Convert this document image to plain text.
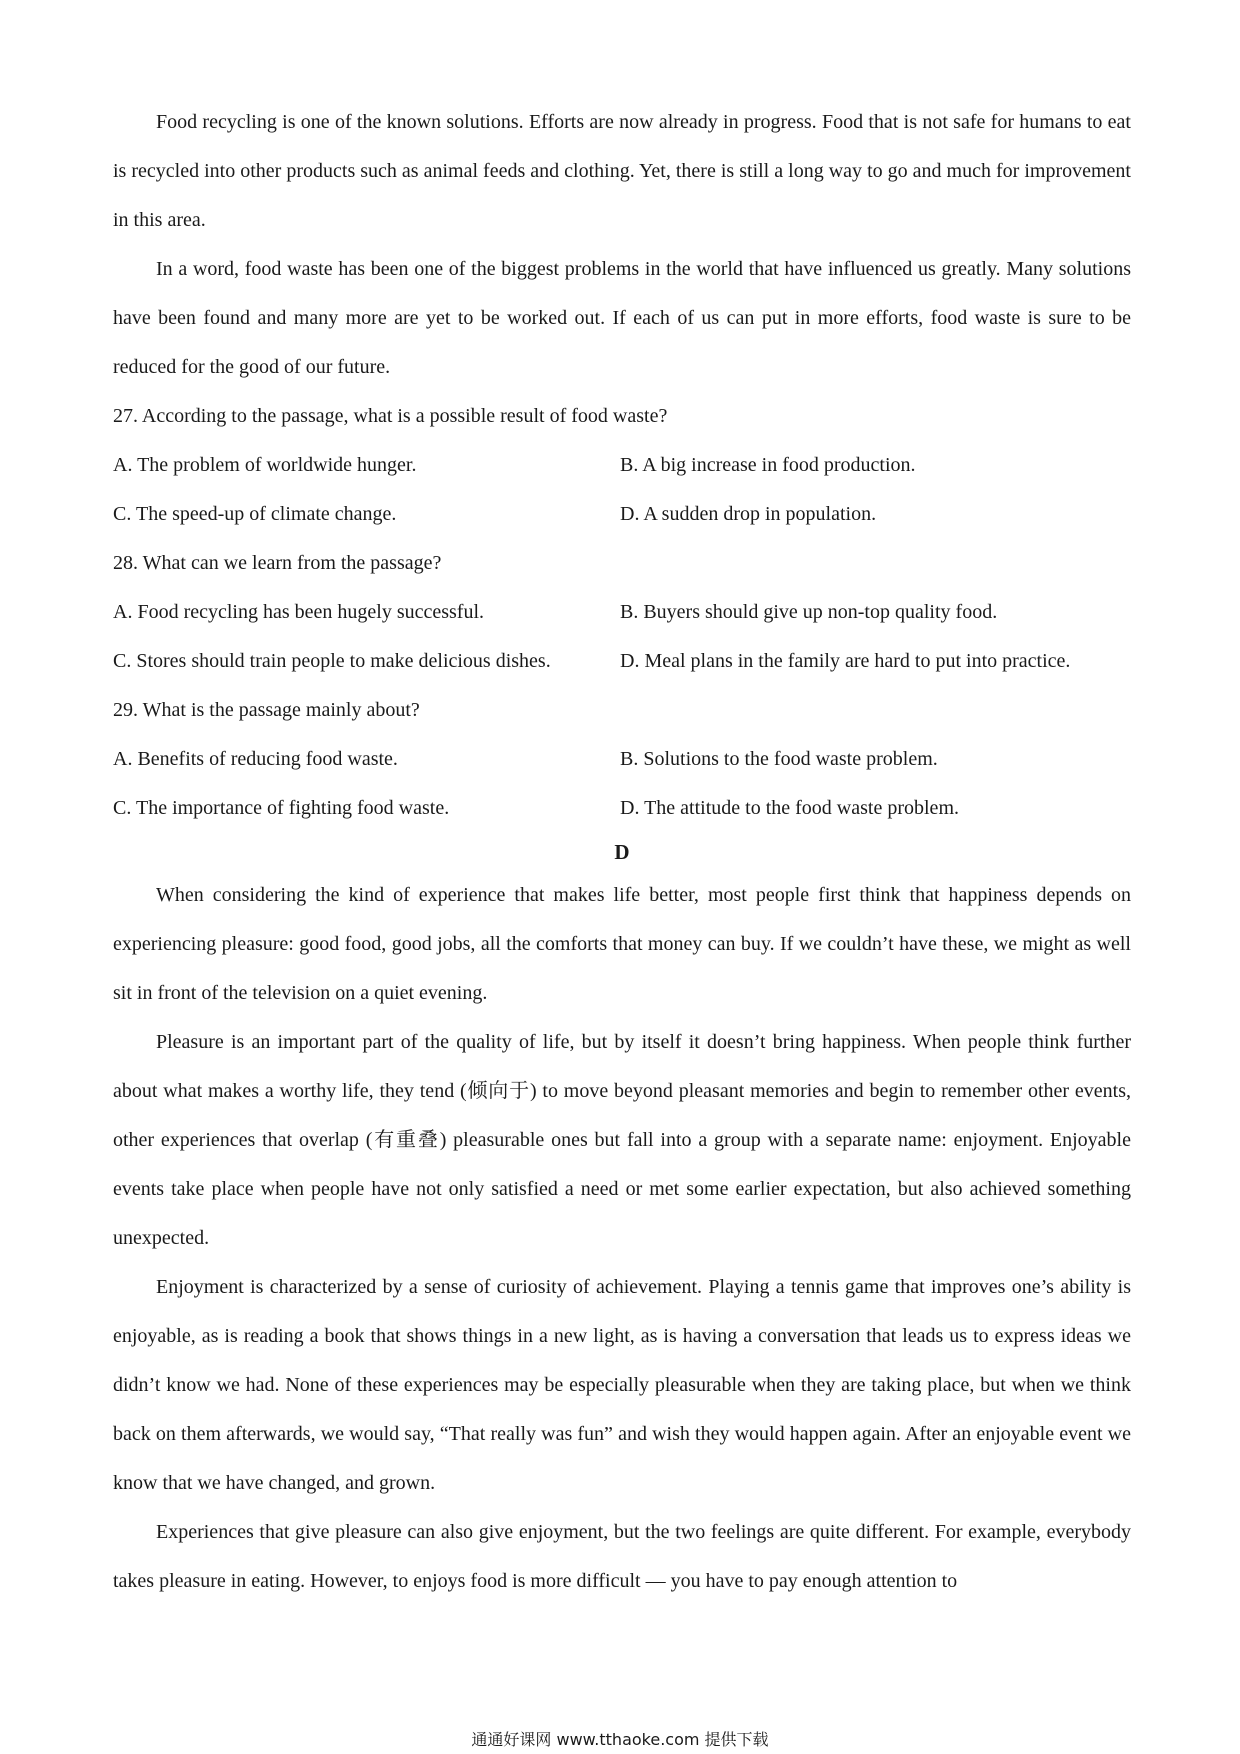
Food recycling is one of the known solutions. Efforts are now already in progress. Food that is not safe for humans to eat is recycled into other products such as animal feeds and clothing. Yet, there is still a long way to go and much for improvement in this area.

In a word, food waste has been one of the biggest problems in the world that have influenced us greatly. Many solutions have been found and many more are yet to be worked out. If each of us can put in more efforts, food waste is sure to be reduced for the good of our future.

27. According to the passage, what is a possible result of food waste?

A. The problem of worldwide hunger.	B. A big increase in food production.
C. The speed-up of climate change.	D. A sudden drop in population.

28. What can we learn from the passage?

A. Food recycling has been hugely successful.	B. Buyers should give up non-top quality food.
C. Stores should train people to make delicious dishes.	D. Meal plans in the family are hard to put into practice.

29. What is the passage mainly about?

A. Benefits of reducing food waste.	B. Solutions to the food waste problem.
C. The importance of fighting food waste.	D. The attitude to the food waste problem.

D

When considering the kind of experience that makes life better, most people first think that happiness depends on experiencing pleasure: good food, good jobs, all the comforts that money can buy. If we couldn’t have these, we might as well sit in front of the television on a quiet evening.

Pleasure is an important part of the quality of life, but by itself it doesn’t bring happiness. When people think further about what makes a worthy life, they tend (倾向于) to move beyond pleasant memories and begin to remember other events, other experiences that overlap (有重叠) pleasurable ones but fall into a group with a separate name: enjoyment. Enjoyable events take place when people have not only satisfied a need or met some earlier expectation, but also achieved something unexpected.

Enjoyment is characterized by a sense of curiosity of achievement. Playing a tennis game that improves one’s ability is enjoyable, as is reading a book that shows things in a new light, as is having a conversation that leads us to express ideas we didn’t know we had. None of these experiences may be especially pleasurable when they are taking place, but when we think back on them afterwards, we would say, “That really was fun” and wish they would happen again. After an enjoyable event we know that we have changed, and grown.

Experiences that give pleasure can also give enjoyment, but the two feelings are quite different. For example, everybody takes pleasure in eating. However, to enjoys food is more difficult — you have to pay enough attention to

通通好课网 www.tthaoke.com 提供下载
